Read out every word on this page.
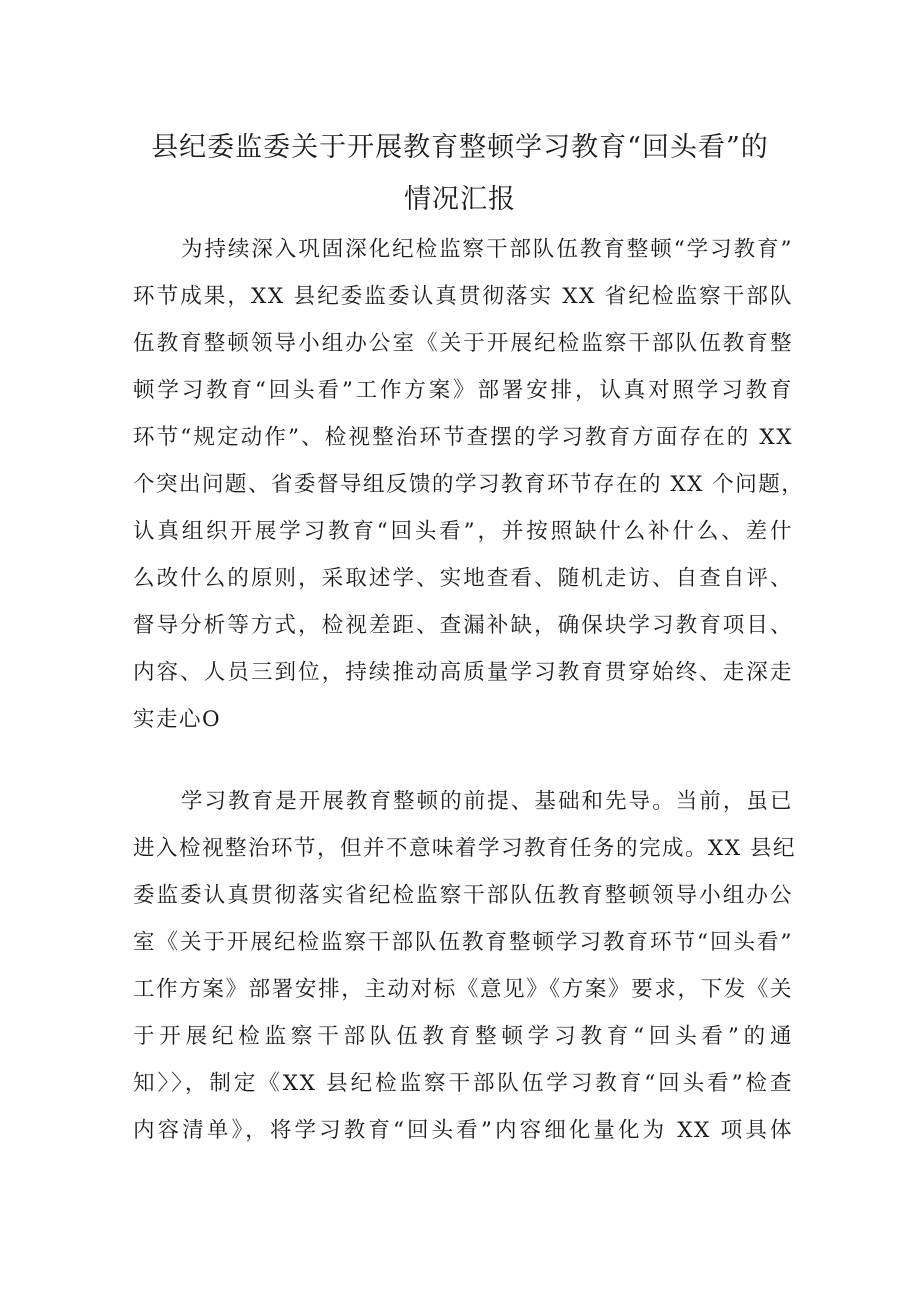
县纪委监委关于开展教育整顿学习教育“回头看”的
情况汇报
为持续深入巩固深化纪检监察干部队伍教育整顿“学习教育”
环节成果，XX 县纪委监委认真贯彻落实 XX 省纪检监察干部队
伍教育整顿领导小组办公室《关于开展纪检监察干部队伍教育整
顿学习教育“回头看”工作方案》部署安排，认真对照学习教育
环节“规定动作”、检视整治环节查摆的学习教育方面存在的 XX
个突出问题、省委督导组反馈的学习教育环节存在的 XX 个问题，
认真组织开展学习教育“回头看”，并按照缺什么补什么、差什
么改什么的原则，采取述学、实地查看、随机走访、自查自评、
督导分析等方式，检视差距、查漏补缺，确保块学习教育项目、
内容、人员三到位，持续推动高质量学习教育贯穿始终、走深走
实走心O
学习教育是开展教育整顿的前提、基础和先导。当前，虽已
进入检视整治环节，但并不意味着学习教育任务的完成。XX 县纪
委监委认真贯彻落实省纪检监察干部队伍教育整顿领导小组办公
室《关于开展纪检监察干部队伍教育整顿学习教育环节“回头看”
工作方案》部署安排，主动对标《意见》《方案》要求，下发《关
于开展纪检监察干部队伍教育整顿学习教育“回头看”的通
知〉〉，制定《XX 县纪检监察干部队伍学习教育“回头看”检查
内容清单》，将学习教育“回头看”内容细化量化为 XX 项具体
